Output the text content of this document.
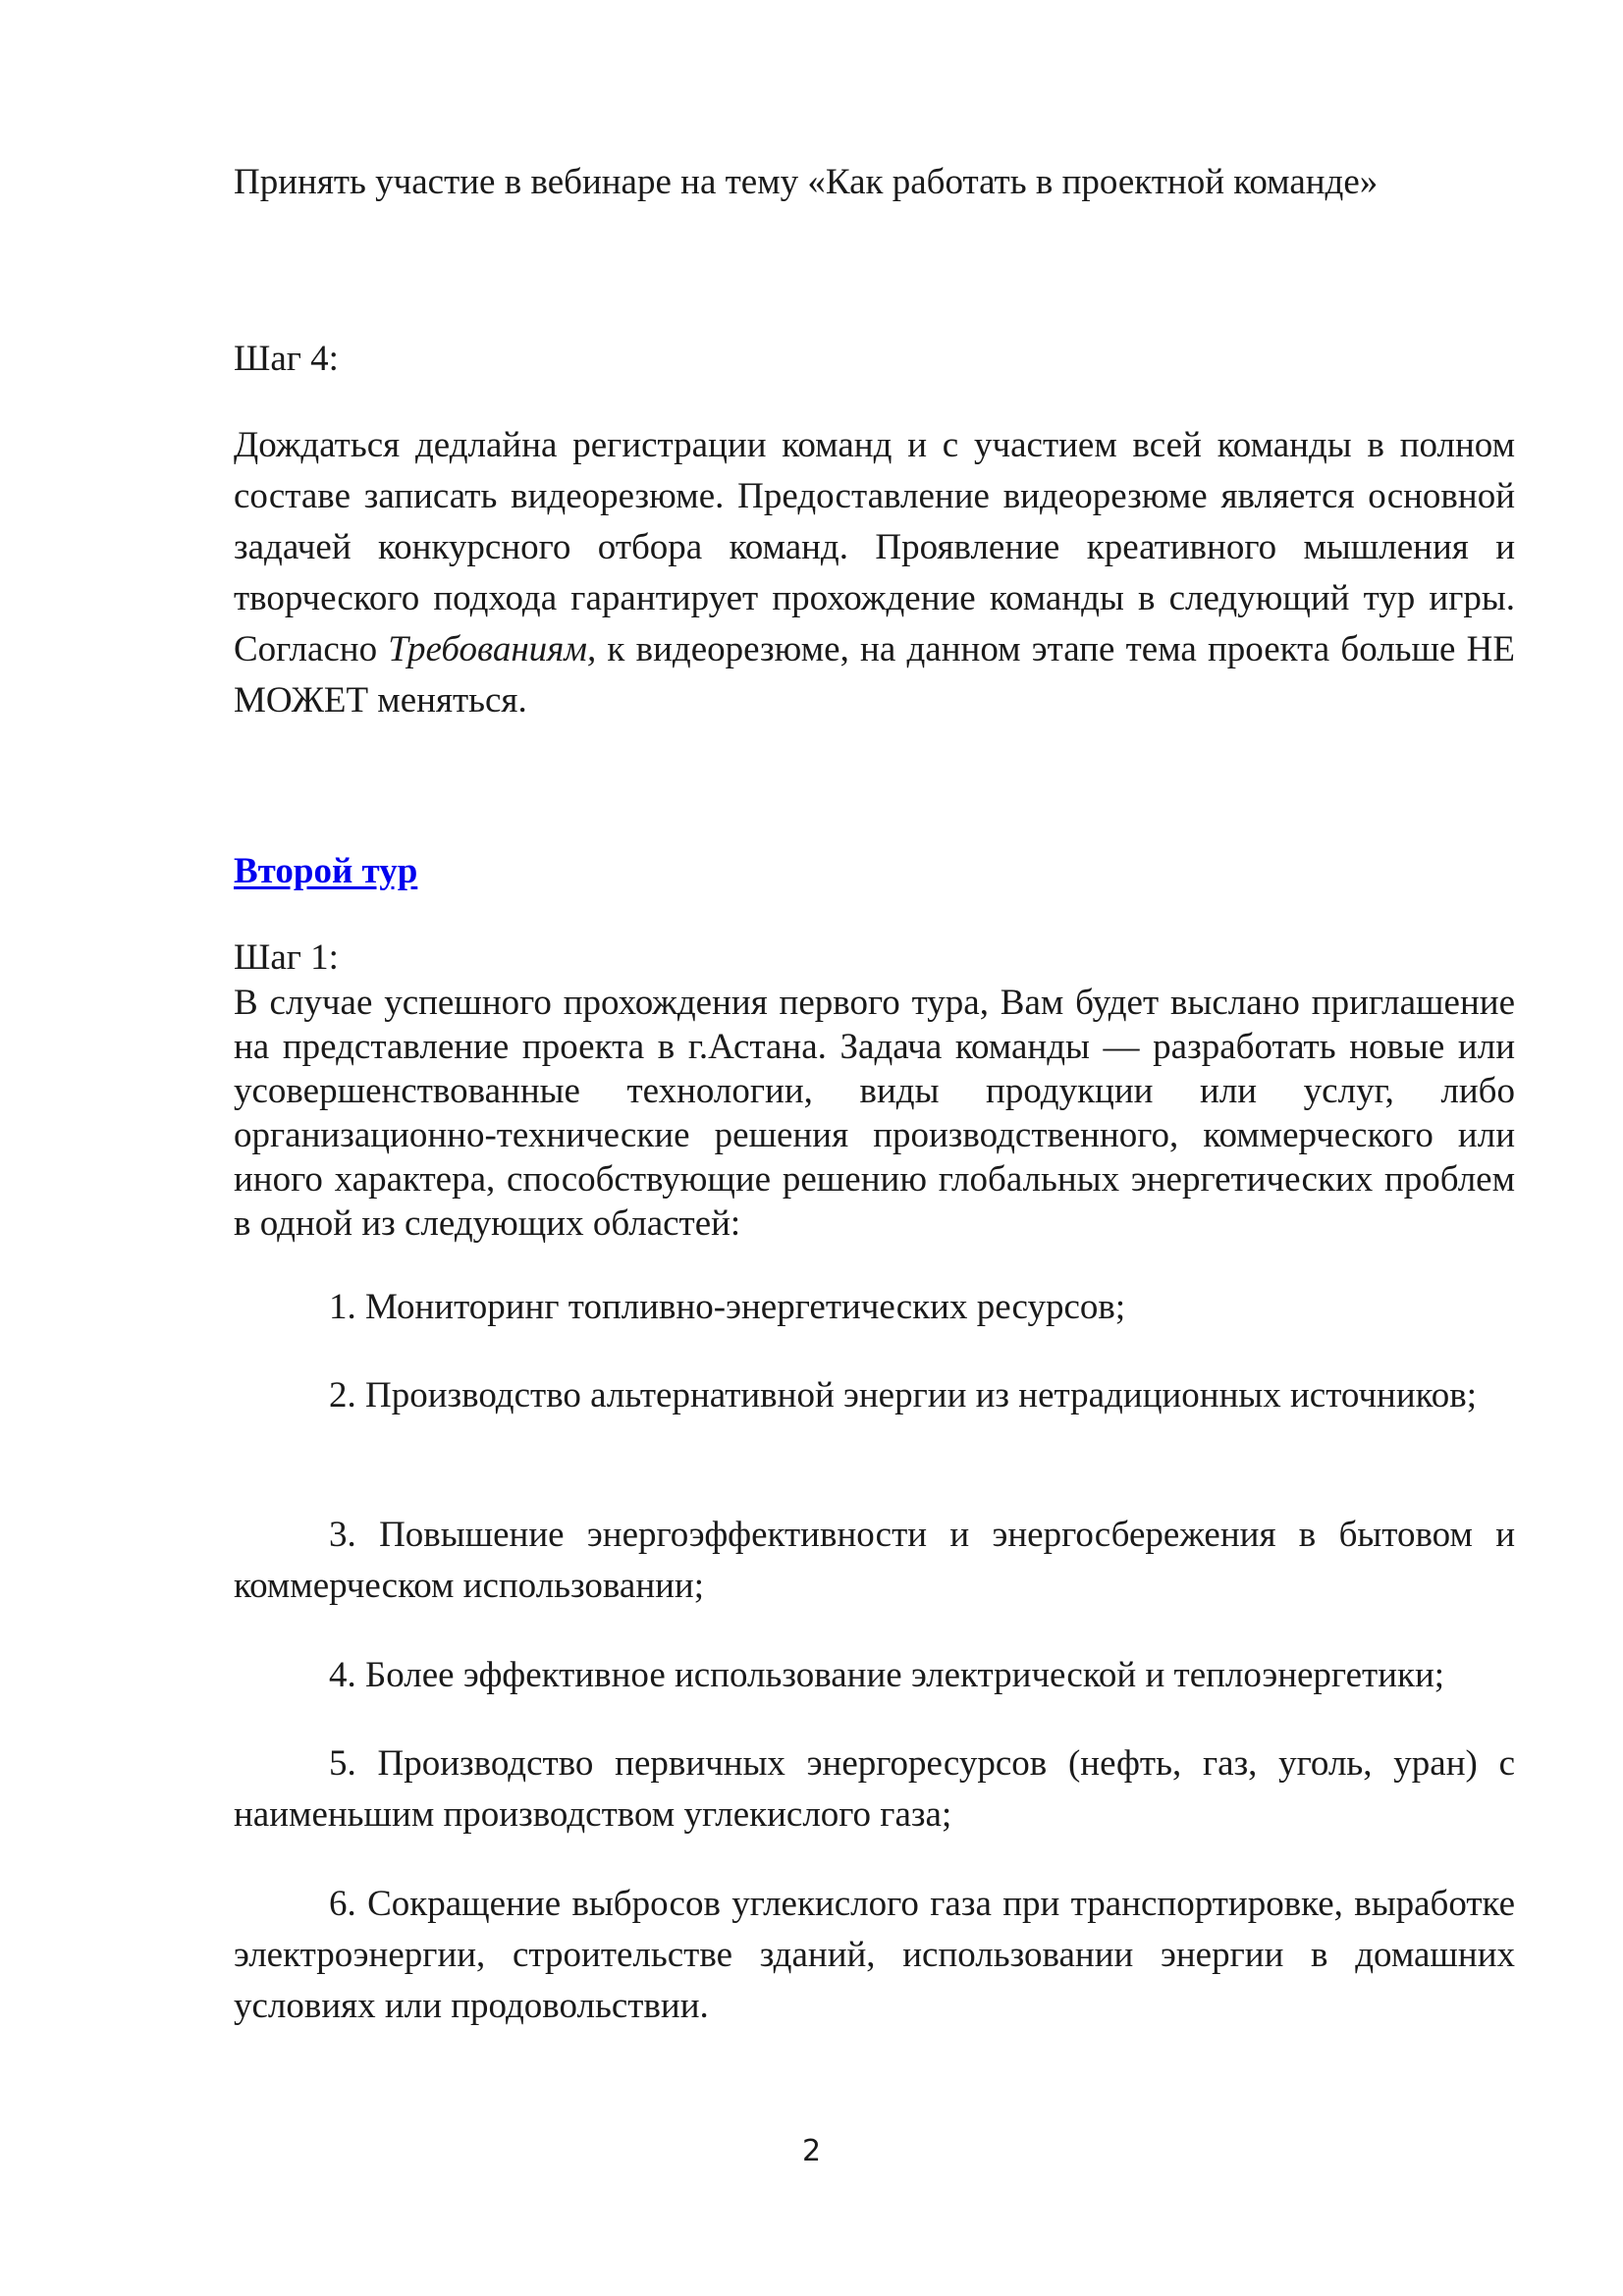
Принять участие в вебинаре на тему «Как работать в проектной команде»

Шаг 4:

Дождаться дедлайна регистрации команд и с участием всей команды в полном составе записать видеорезюме. Предоставление видеорезюме является основной задачей конкурсного отбора команд. Проявление креативного мышления и творческого подхода гарантирует прохождение команды в следующий тур игры. Согласно Требованиям, к видеорезюме, на данном этапе тема проекта больше НЕ МОЖЕТ меняться.

Второй тур

Шаг 1:

В случае успешного прохождения первого тура, Вам будет выслано приглашение на представление проекта в г.Астана. Задача команды — разработать новые или усовершенствованные технологии, виды продукции или услуг, либо организационно-технические решения производственного, коммерческого или иного характера, способствующие решению глобальных энергетических проблем в одной из следующих областей:

1. Мониторинг топливно-энергетических ресурсов;

2. Производство альтернативной энергии из нетрадиционных источников;

3. Повышение энергоэффективности и энергосбережения в бытовом и коммерческом использовании;

4. Более эффективное использование электрической и теплоэнергетики;

5. Производство первичных энергоресурсов (нефть, газ, уголь, уран) с наименьшим производством углекислого газа;

6. Сокращение выбросов углекислого газа при транспортировке, выработке электроэнергии, строительстве зданий, использовании энергии в домашних условиях или продовольствии.

2
